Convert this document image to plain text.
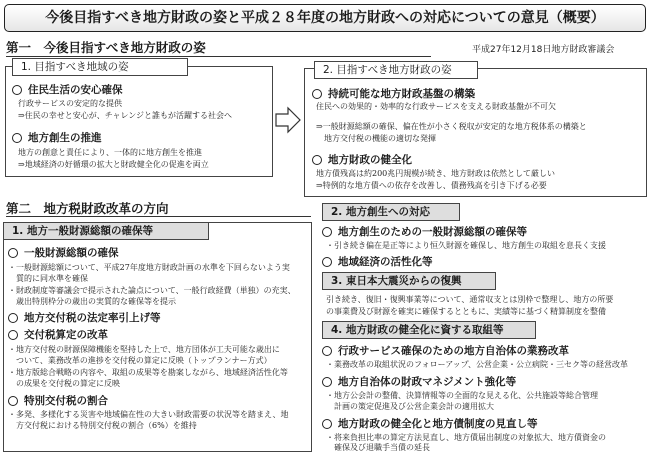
今後目指すべき地方財政の姿と平成２８年度の地方財政への対応についての意見（概要）
第一　今後目指すべき地方財政の姿	平成27年12月18日地方財政審議会
1. 目指すべき地域の姿
住民生活の安心確保
行政サービスの安定的な提供
⇒住民の幸せと安心が、チャレンジと誰もが活躍する社会へ
地方創生の推進
地方の創意と責任により、一体的に地方創生を推進
⇒地域経済の好循環の拡大と財政健全化の促進を両立
2. 目指すべき地方財政の姿
持続可能な地方財政基盤の構築
住民への効果的・効率的な行政サービスを支える財政基盤が不可欠
⇒一般財源総額の確保、偏在性が小さく税収が安定的な地方税体系の構築と
　地方交付税の機能の適切な発揮
地方財政の健全化
地方債残高は約200兆円規模が続き、地方財政は依然として厳しい
⇒特例的な地方債への依存を改善し、債務残高を引き下げる必要
第二　地方税財政改革の方向
1. 地方一般財源総額の確保等
一般財源総額の確保
・一般財源総額について、平成27年度地方財政計画の水準を下回らないよう実
　質的に同水準を確保
・財政制度等審議会で提示された論点について、一般行政経費（単独）の充実、
　歳出特別枠分の歳出の実質的な確保等を提示
地方交付税の法定率引上げ等
交付税算定の改革
・地方交付税の財源保障機能を堅持した上で、地方団体が工夫可能な歳出に
　ついて、業務改革の進捗を交付税の算定に反映（トップランナー方式）
・地方版総合戦略の内容や、取組の成果等を勘案しながら、地域経済活性化等
　の成果を交付税の算定に反映
特別交付税の割合
・多発、多様化する災害や地域偏在性の大きい財政需要の状況等を踏まえ、地
　方交付税における特別交付税の割合（6%）を維持
2. 地方創生への対応
地方創生のための一般財源総額の確保等
・引き続き偏在是正等により恒久財源を確保し、地方創生の取組を息長く支援
地域経済の活性化等
3. 東日本大震災からの復興
引き続き、復旧・復興事業等について、通常収支とは別枠で整理し、地方の所要
の事業費及び財源を確実に確保するとともに、実績等に基づく精算制度を整備
4. 地方財政の健全化に資する取組等
行政サービス確保のための地方自治体の業務改革
・業務改革の取組状況のフォローアップ、公営企業・公立病院・三セク等の経営改革
地方自治体の財政マネジメント強化等
・地方公会計の整備、決算情報等の全面的な見える化、公共施設等総合管理
　計画の策定促進及び公営企業会計の適用拡大
地方財政の健全化と地方債制度の見直し等
・将来負担比率の算定方法見直し、地方債届出制度の対象拡大、地方債資金の
　確保及び退職手当債の延長
